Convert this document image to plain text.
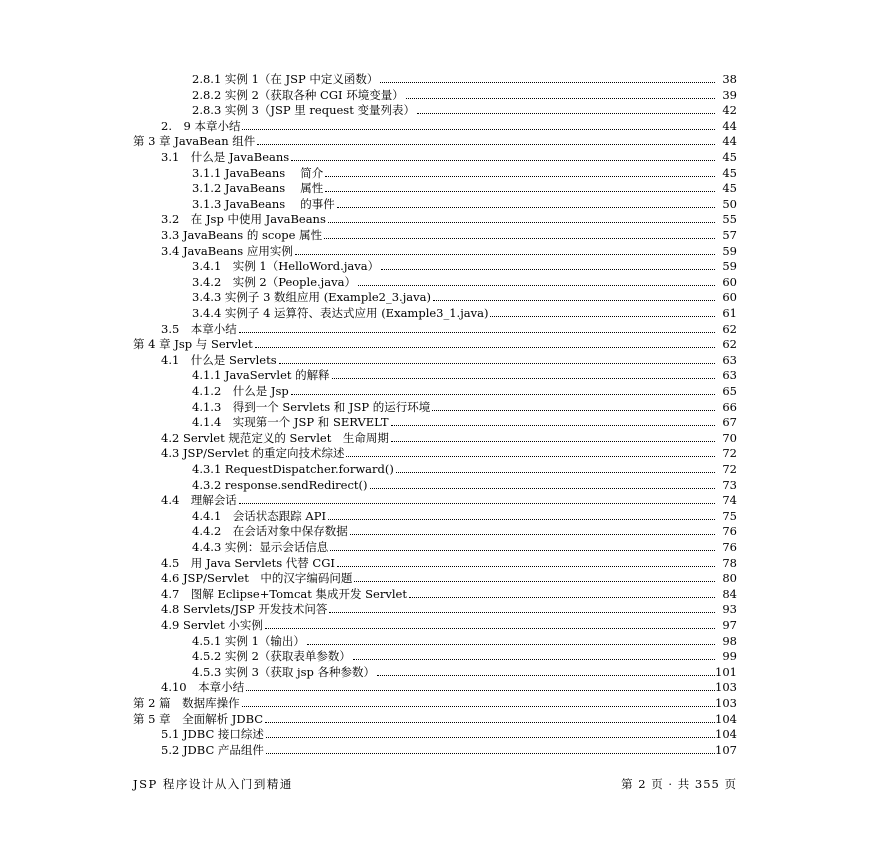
2.8.1 实例 1（在 JSP 中定义函数）	38
2.8.2 实例 2（获取各种 CGI 环境变量）	39
2.8.3 实例 3（JSP 里 request 变量列表）	42
2.　9 本章小结	44
第 3 章 JavaBean 组件	44
3.1　什么是 JavaBeans	45
3.1.1 JavaBeans　 简介	45
3.1.2 JavaBeans　 属性	45
3.1.3 JavaBeans　 的事件	50
3.2　在 Jsp 中使用 JavaBeans	55
3.3 JavaBeans 的 scope 属性	57
3.4 JavaBeans 应用实例	59
3.4.1　实例 1（HelloWord.java）	59
3.4.2　实例 2（People.java）	60
3.4.3 实例子 3 数组应用 (Example2_3.java)	60
3.4.4 实例子 4 运算符、表达式应用 (Example3_1.java)	61
3.5　本章小结	62
第 4 章 Jsp 与 Servlet	62
4.1　什么是 Servlets	63
4.1.1 JavaServlet 的解释	63
4.1.2　什么是 Jsp	65
4.1.3　得到一个 Servlets 和 JSP 的运行环境	66
4.1.4　实现第一个 JSP 和 SERVELT	67
4.2 Servlet 规范定义的 Servlet　生命周期	70
4.3 JSP/Servlet 的重定向技术综述	72
4.3.1 RequestDispatcher.forward()	72
4.3.2 response.sendRedirect()	73
4.4　理解会话	74
4.4.1　会话状态跟踪 API	75
4.4.2　在会话对象中保存数据	76
4.4.3 实例：显示会话信息	76
4.5　用 Java Servlets 代替 CGI	78
4.6 JSP/Servlet　中的汉字编码问题	80
4.7　图解 Eclipse+Tomcat 集成开发 Servlet	84
4.8 Servlets/JSP 开发技术问答	93
4.9 Servlet 小实例	97
4.5.1 实例 1（输出）	98
4.5.2 实例 2（获取表单参数）	99
4.5.3 实例 3（获取 jsp 各种参数）	101
4.10　本章小结	103
第 2 篇　数据库操作	103
第 5 章　全面解析 JDBC	104
5.1 JDBC 接口综述	104
5.2 JDBC 产品组件	107
JSP 程序设计从入门到精通	第 2 页 · 共 355 页
